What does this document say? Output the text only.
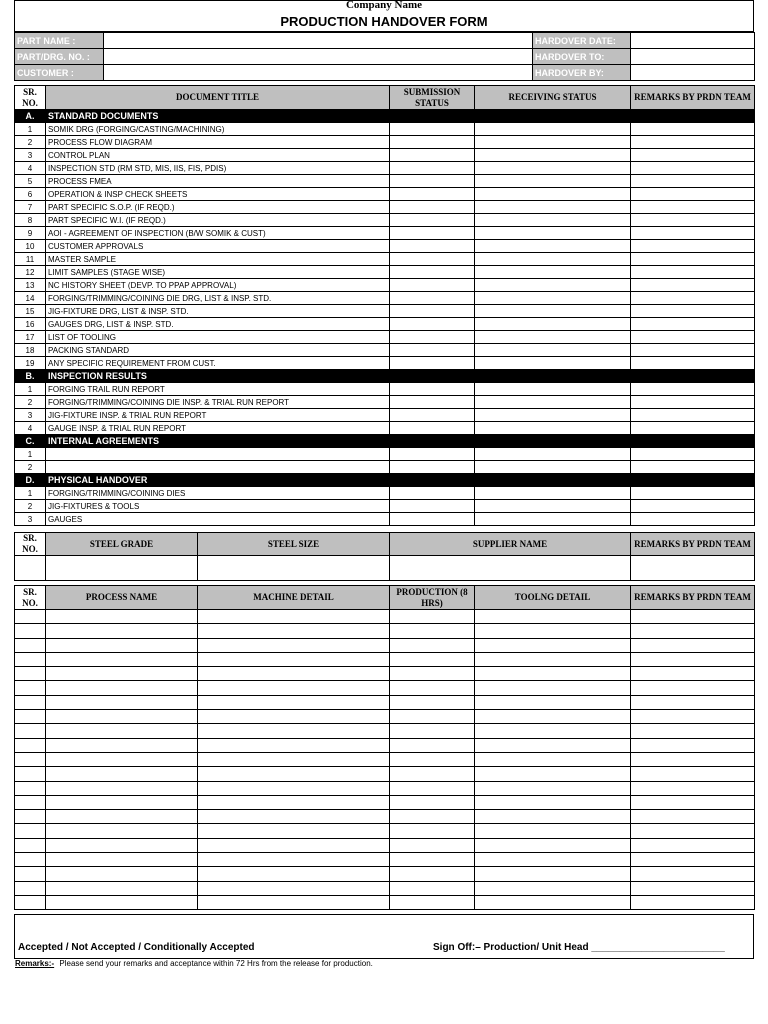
Company Name
PRODUCTION HANDOVER FORM
PART NAME :		HARDOVER DATE:	
PART/DRG. NO. :		HARDOVER TO:	
CUSTOMER :		HARDOVER BY:	
SR. NO.	DOCUMENT TITLE	SUBMISSION STATUS	RECEIVING STATUS	REMARKS BY PRDN TEAM
A.	STANDARD DOCUMENTS			
1	SOMIK DRG (FORGING/CASTING/MACHINING)			
2	PROCESS FLOW DIAGRAM			
3	CONTROL PLAN			
4	INSPECTION STD (RM STD, MIS, IIS, FIS, PDIS)			
5	PROCESS FMEA			
6	OPERATION & INSP CHECK SHEETS			
7	PART SPECIFIC S.O.P. (IF REQD.)			
8	PART SPECIFIC W.I. (IF REQD.)			
9	AOI - AGREEMENT OF INSPECTION (B/W SOMIK & CUST)			
10	CUSTOMER APPROVALS			
11	MASTER SAMPLE			
12	LIMIT SAMPLES (STAGE WISE)			
13	NC HISTORY SHEET (DEVP. TO PPAP APPROVAL)			
14	FORGING/TRIMMING/COINING DIE DRG, LIST & INSP. STD.			
15	JIG-FIXTURE DRG, LIST & INSP. STD.			
16	GAUGES DRG, LIST & INSP. STD.			
17	LIST OF TOOLING			
18	PACKING STANDARD			
19	ANY SPECIFIC REQUIREMENT FROM CUST.			
B.	INSPECTION RESULTS			
1	FORGING TRAIL RUN REPORT			
2	FORGING/TRIMMING/COINING DIE INSP. & TRIAL RUN REPORT			
3	JIG-FIXTURE INSP. & TRIAL RUN REPORT			
4	GAUGE INSP. & TRIAL RUN REPORT			
C.	INTERNAL AGREEMENTS			
1				
2				
D.	PHYSICAL HANDOVER			
1	FORGING/TRIMMING/COINING DIES			
2	JIG-FIXTURES & TOOLS			
3	GAUGES			
SR. NO.	STEEL GRADE	STEEL SIZE	SUPPLIER NAME	REMARKS BY PRDN TEAM

SR. NO.	PROCESS NAME	MACHINE DETAIL	PRODUCTION (8 HRS)	TOOLNG DETAIL	REMARKS BY PRDN TEAM

Accepted / Not Accepted / Conditionally Accepted	Sign Off:– Production/ Unit Head ________________________
Remarks:- Please send your remarks and acceptance within 72 Hrs from the release for production.
